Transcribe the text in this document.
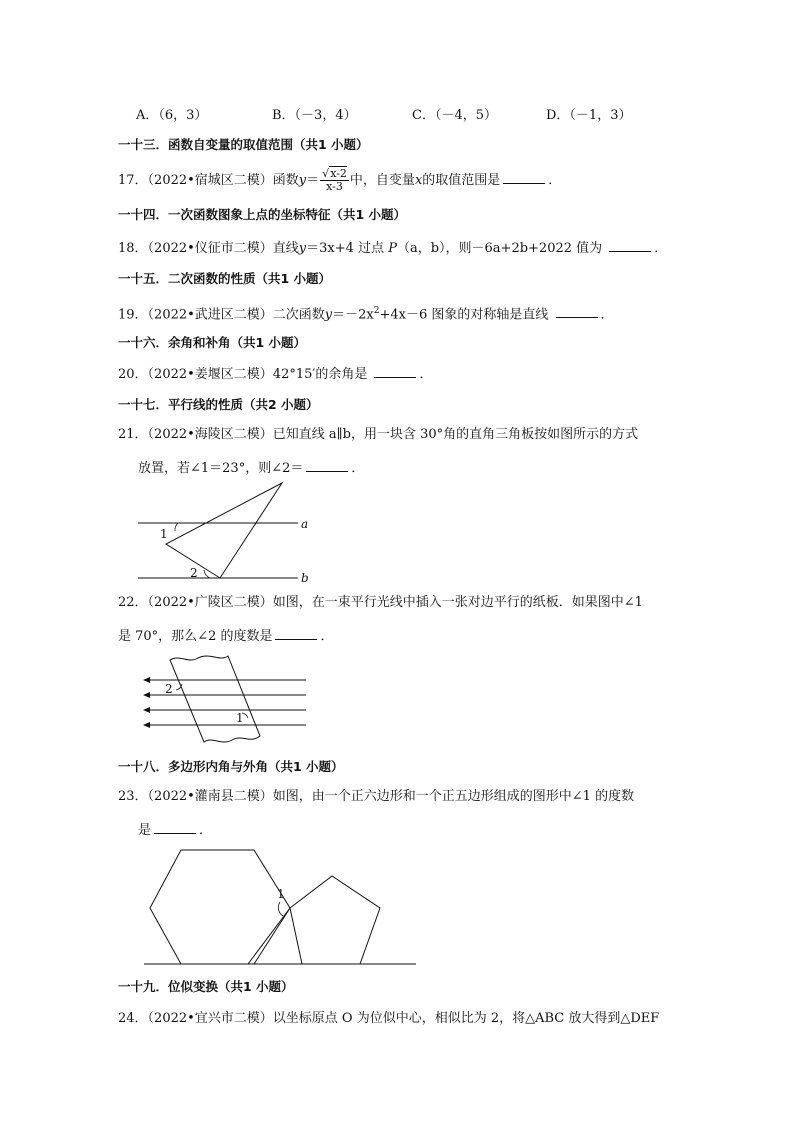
A．（6，3）	B．（－3，4）	C．（－4，5）	D．（－1，3）
一十三．函数自变量的取值范围（共1 小题）
17．（2022•宿城区二模）函数$y= \frac{√x-2}{x-3}$ 中，自变量x的取值范围是	．
一十四．一次函数图象上点的坐标特征（共1 小题）
18．（2022•仪征市二模）直线y＝3x+4 过点 P（a，b），则－6a+2b+2022 值为	．
一十五．二次函数的性质（共1 小题）
19．（2022•武进区二模）二次函数$y=-2x^2+4x-6$ 图象的对称轴是直线	．
一十六．余角和补角（共1 小题）
20．（2022•姜堰区二模）42°15′的余角是	．
一十七．平行线的性质（共2 小题）
21．（2022•海陵区二模）已知直线 a∥b，用一块含 30°角的直角三角板按如图所示的方式
放置，若∠1＝23°，则∠2＝	．
1
2
a
b
22．（2022•广陵区二模）如图，在一束平行光线中插入一张对边平行的纸板．如果图中∠1
是 70°，那么∠2 的度数是	．
2
1
一十八．多边形内角与外角（共1 小题）
23．（2022•灌南县二模）如图，由一个正六边形和一个正五边形组成的图形中∠1 的度数
是	．
1
一十九．位似变换（共1 小题）
24．（2022•宜兴市二模）以坐标原点 O 为位似中心，相似比为 2，将△ABC 放大得到△DEF
